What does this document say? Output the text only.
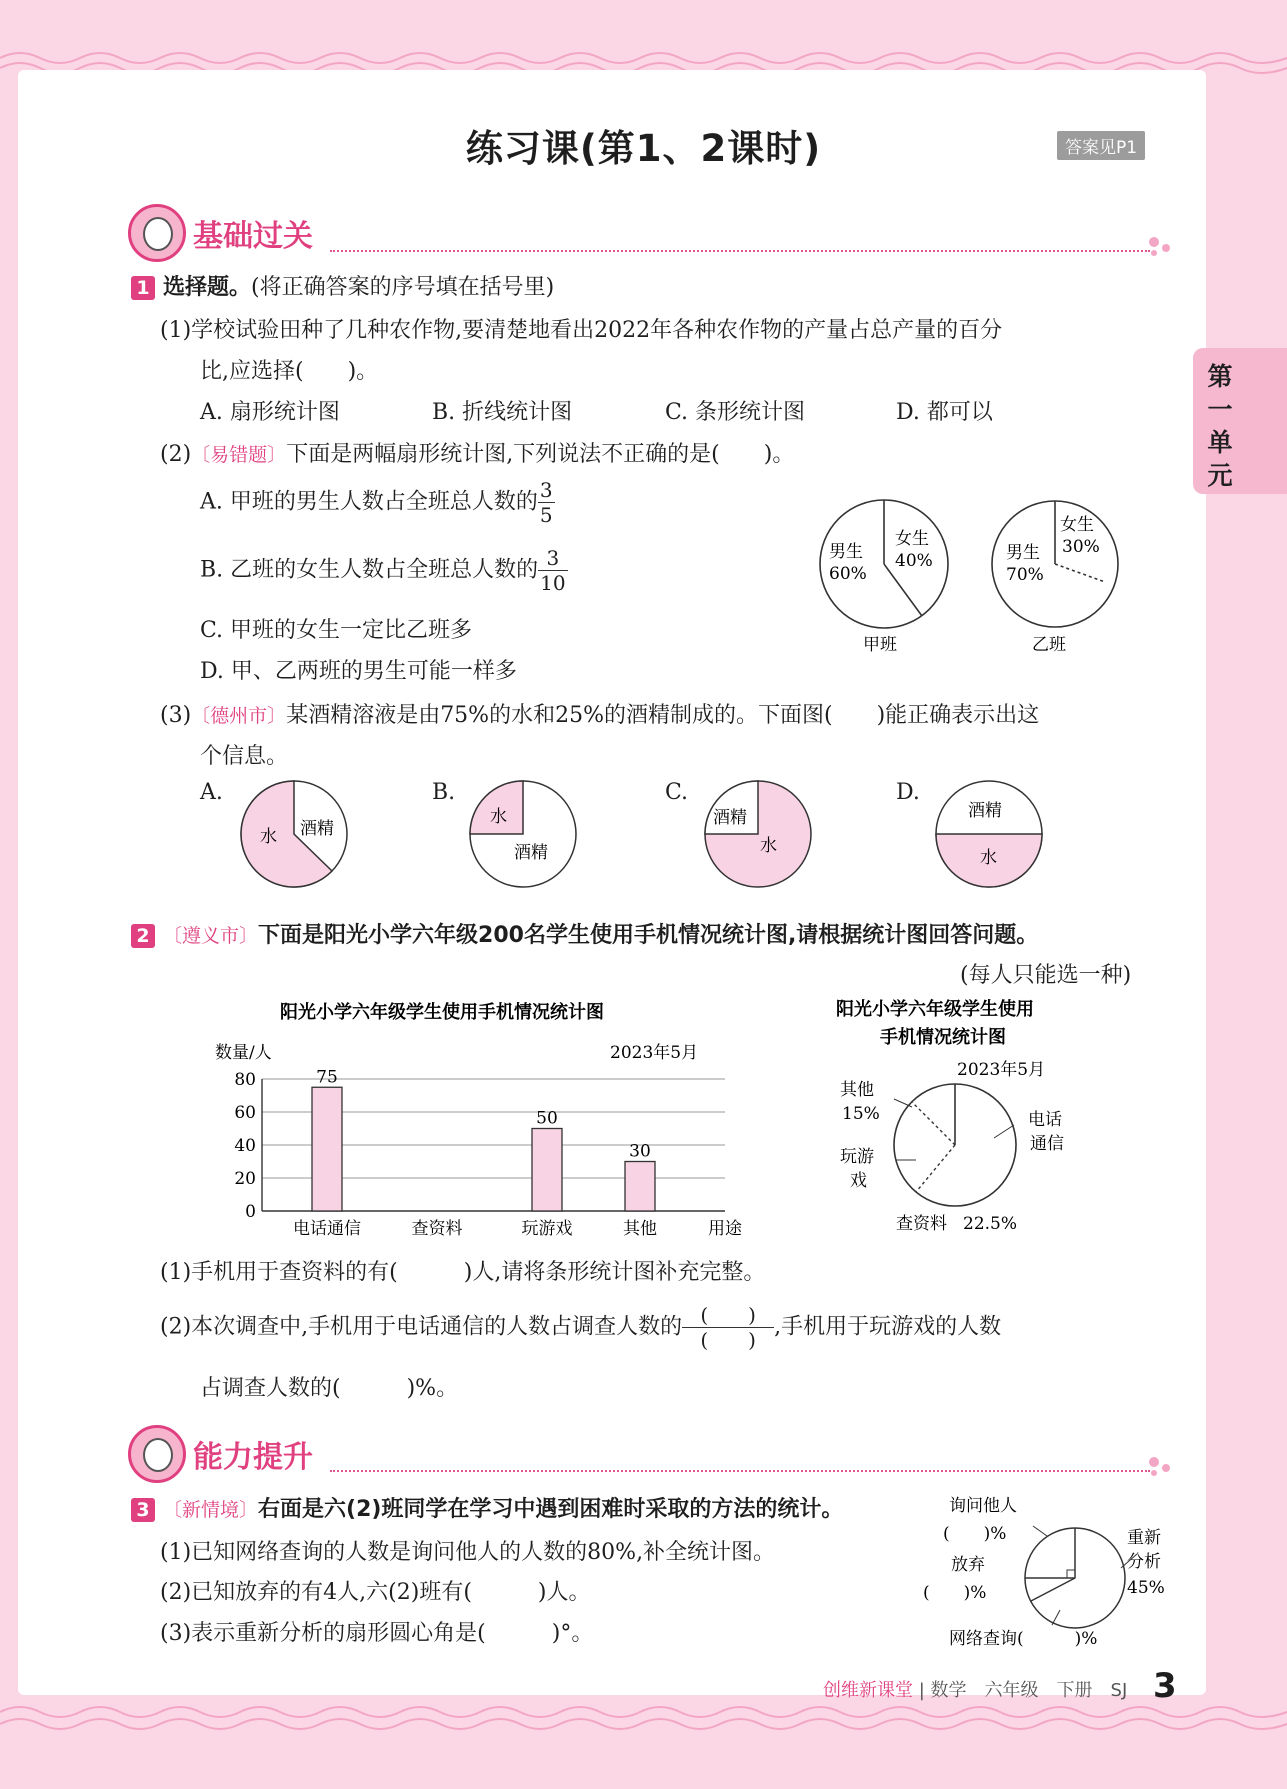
练习课(第1、2课时)	答案见P1
第
一
单
元
基础过关
1 选择题。(将正确答案的序号填在括号里)
(1)学校试验田种了几种农作物,要清楚地看出2022年各种农作物的产量占总产量的百分
比,应选择(　　)。
A. 扇形统计图	B. 折线统计图	C. 条形统计图	D. 都可以
(2)〔易错题〕下面是两幅扇形统计图,下列说法不正确的是(　　)。
A. 甲班的男生人数占全班总人数的 $\frac{3}{5}$
B. 乙班的女生人数占全班总人数的 $\frac{3}{10}$
C. 甲班的女生一定比乙班多
D. 甲、乙两班的男生可能一样多
男生
60%
女生
40%
甲班
男生
70%
女生
30%
乙班
(3)〔德州市〕某酒精溶液是由75%的水和25%的酒精制成的。下面图(　　)能正确表示出这
个信息。
A.
水 酒精
B.
水
酒精
C.
酒精
水
D.
酒精
水
2 〔遵义市〕下面是阳光小学六年级200名学生使用手机情况统计图,请根据统计图回答问题。
(每人只能选一种)
阳光小学六年级学生使用手机情况统计图
数量/人	2023年5月
用途
0
20
40
60
80
电话通信
75
查资料	玩游戏
50
其他
30
阳光小学六年级学生使用
手机情况统计图
2023年5月
其他
15%	电话
通信
玩游
戏
查资料 22.5%
(1)手机用于查资料的有(　　　)人,请将条形统计图补充完整。
(2)本次调查中,手机用于电话通信的人数占调查人数的 $\frac{( )}{( )}$ ,手机用于玩游戏的人数
占调查人数的(　　　)%。
能力提升
3 〔新情境〕右面是六(2)班同学在学习中遇到困难时采取的方法的统计。
(1)已知网络查询的人数是询问他人的人数的80%,补全统计图。
(2)已知放弃的有4人,六(2)班有(　　　)人。
(3)表示重新分析的扇形圆心角是(　　　)°。
询问他人
(　　)%	重新
分析
45%
放弃
(　　)%
网络查询(　　　)%
创维新课堂 | 数学　六年级　下册　SJ 3
